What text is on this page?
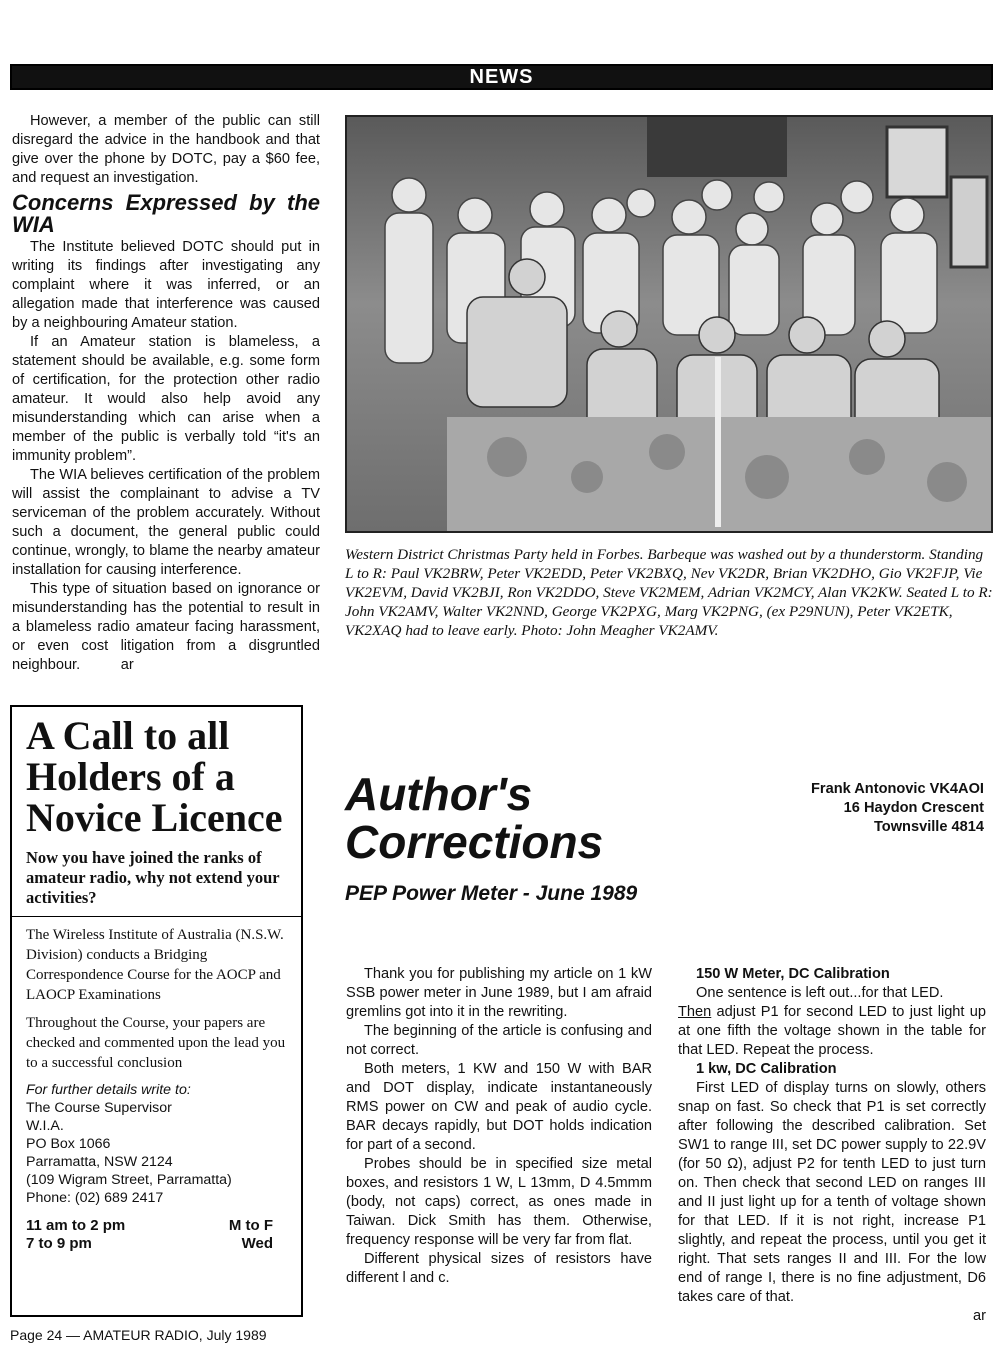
NEWS

However, a member of the public can still disregard the advice in the handbook and that give over the phone by DOTC, pay a $60 fee, and request an investigation.

Concerns Expressed by the WIA

The Institute believed DOTC should put in writing its findings after investigating any complaint where it was inferred, or an allegation made that interference was caused by a neighbouring Amateur station.

If an Amateur station is blameless, a statement should be available, e.g. some form of certification, for the protection other radio amateur. It would also help avoid any misunderstanding which can arise when a member of the public is verbally told “it's an immunity problem”.

The WIA believes certification of the problem will assist the complainant to advise a TV serviceman of the problem accurately. Without such a document, the general public could continue, wrongly, to blame the nearby amateur installation for causing interference.

This type of situation based on ignorance or misunderstanding has the potential to result in a blameless radio amateur facing harassment, or even cost litigation from a disgruntled neighbour.	ar

Western District Christmas Party held in Forbes. Barbeque was washed out by a thunderstorm. Standing L to R: Paul VK2BRW, Peter VK2EDD, Peter VK2BXQ, Nev VK2DR, Brian VK2DHO, Gio VK2FJP, Vie VK2EVM, David VK2BJI, Ron VK2DDO, Steve VK2MEM, Adrian VK2MCY, Alan VK2KW. Seated L to R: John VK2AMV, Walter VK2NND, George VK2PXG, Marg VK2PNG, (ex P29NUN), Peter VK2ETK, VK2XAQ had to leave early. Photo: John Meagher VK2AMV.
A Call to all Holders of a Novice Licence
Now you have joined the ranks of amateur radio, why not extend your activities?
The Wireless Institute of Australia (N.S.W. Division) conducts a Bridging Correspondence Course for the AOCP and LAOCP Examinations
Throughout the Course, your papers are checked and commented upon the lead you to a successful conclusion
For further details write to:
The Course Supervisor
W.I.A.
PO Box 1066
Parramatta, NSW 2124
(109 Wigram Street, Parramatta)
Phone: (02) 689 2417
11 am to 2 pm	M to F
7 to 9 pm	Wed
Author's
Corrections
PEP Power Meter - June 1989
Frank Antonovic VK4AOI
16 Haydon Crescent
Townsville 4814

Thank you for publishing my article on 1 kW SSB power meter in June 1989, but I am afraid gremlins got into it in the rewriting.

The beginning of the article is confusing and not correct.

Both meters, 1 KW and 150 W with BAR and DOT display, indicate instantaneously RMS power on CW and peak of audio cycle. BAR decays rapidly, but DOT holds indication for part of a second.

Probes should be in specified size metal boxes, and resistors 1 W, L 13mm, D 4.5mmm (body, not caps) correct, as ones made in Taiwan. Dick Smith has them. Otherwise, frequency response will be very far from flat.

Different physical sizes of resistors have different l and c.

150 W Meter, DC Calibration

One sentence is left out...for that LED.

Then adjust P1 for second LED to just light up at one fifth the voltage shown in the table for that LED. Repeat the process.

1 kw, DC Calibration

First LED of display turns on slowly, others snap on fast. So check that P1 is set correctly after following the described calibration. Set SW1 to range III, set DC power supply to 22.9V (for 50 Ω), adjust P2 for tenth LED to just turn on. Then check that second LED on ranges III and II just light up for a tenth of voltage shown for that LED. If it is not right, increase P1 slightly, and repeat the process, until you get it right. That sets ranges II and III. For the low end of range I, there is no fine adjustment, D6 takes care of that.

ar

Page 24 — AMATEUR RADIO, July 1989
